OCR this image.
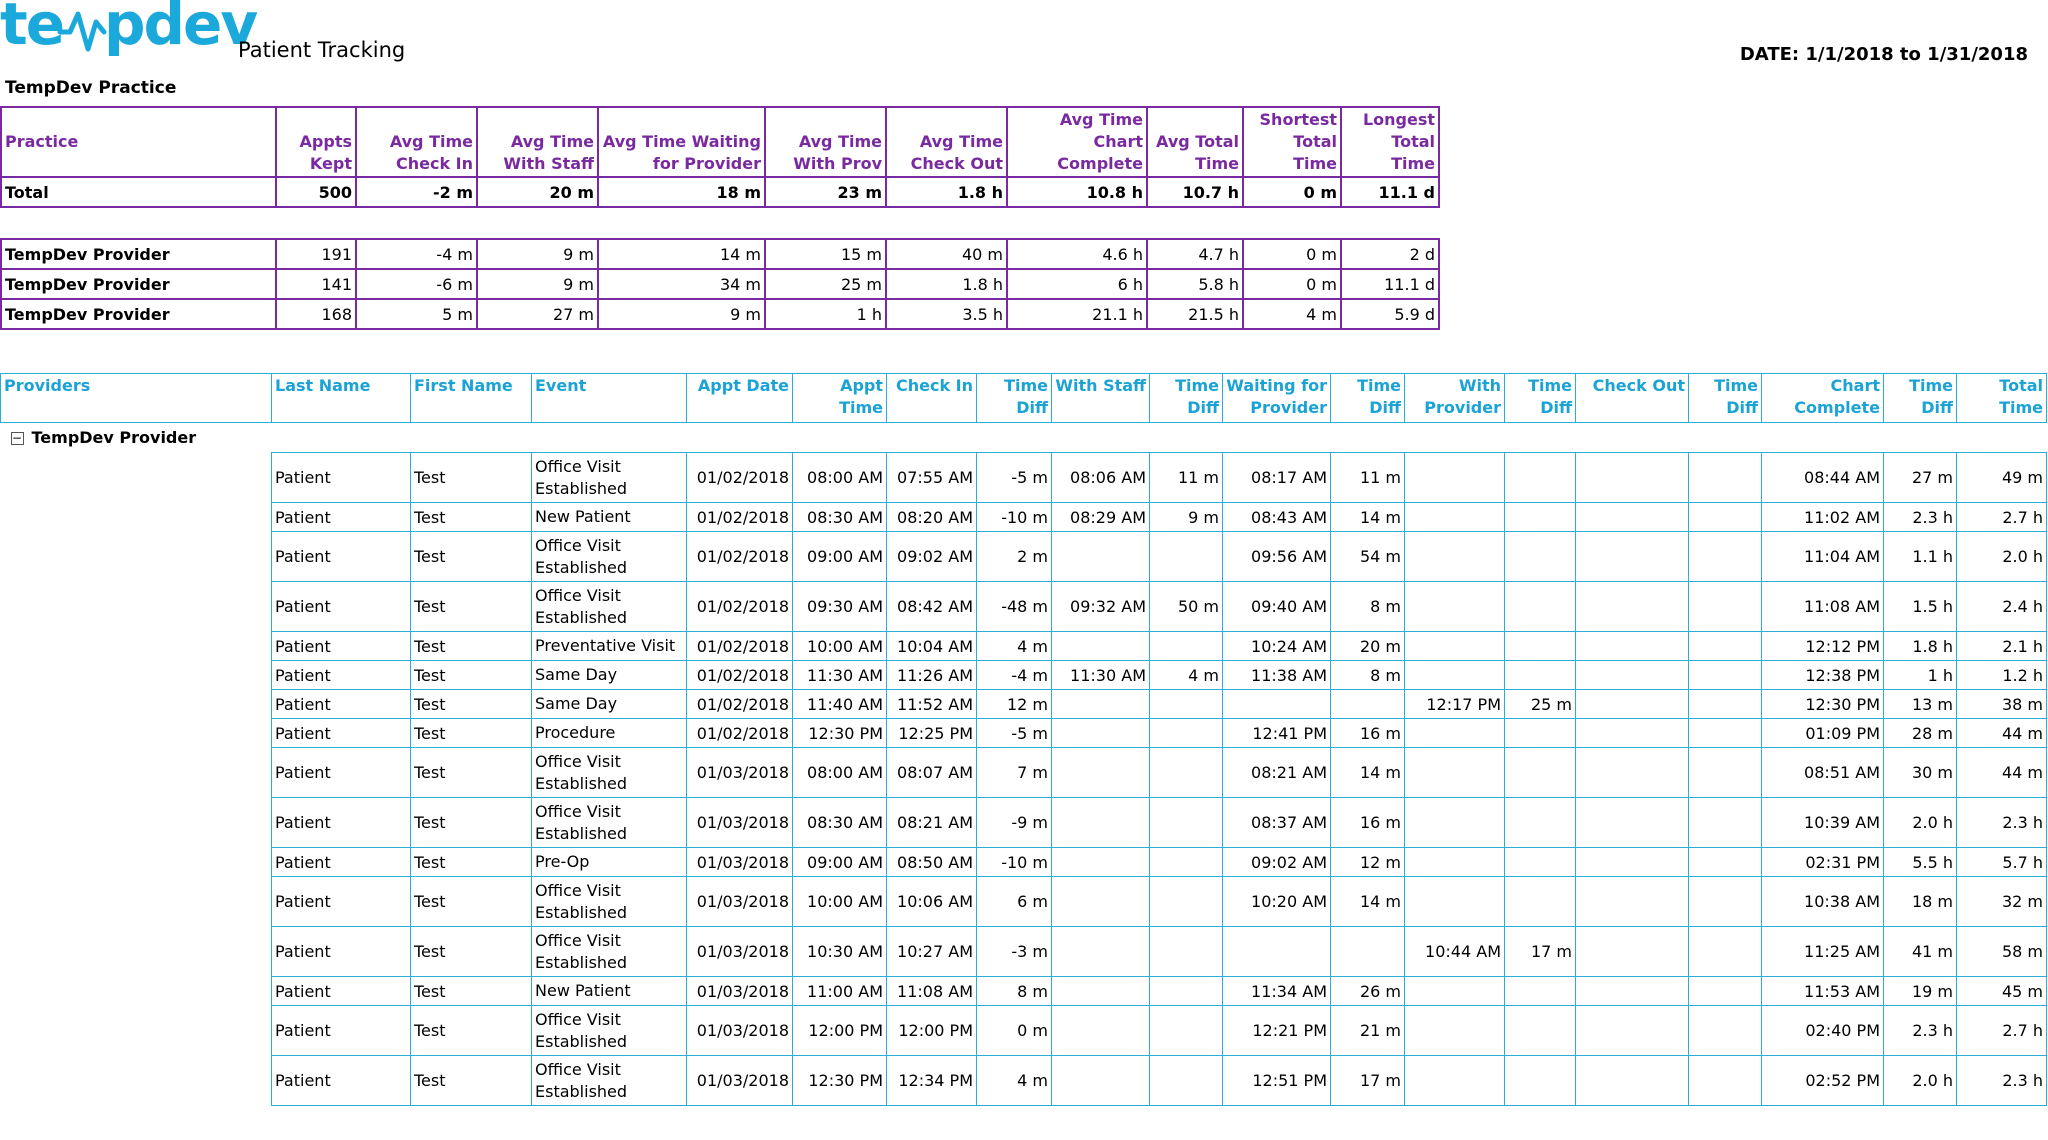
te pdev
Patient Tracking	DATE: 1/1/2018 to 1/31/2018
TempDev Practice
Practice	Appts Kept	Avg Time Check In	Avg Time With Staff	Avg Time Waiting for Provider	Avg Time With Prov	Avg Time Check Out	Avg Time Chart Complete	Avg Total Time	Shortest Total Time	Longest Total Time
Total	500	-2 m	20 m	18 m	23 m	1.8 h	10.8 h	10.7 h	0 m	11.1 d

TempDev Provider	191	-4 m	9 m	14 m	15 m	40 m	4.6 h	4.7 h	0 m	2 d
TempDev Provider	141	-6 m	9 m	34 m	25 m	1.8 h	6 h	5.8 h	0 m	11.1 d
TempDev Provider	168	5 m	27 m	9 m	1 h	3.5 h	21.1 h	21.5 h	4 m	5.9 d
Providers	Last Name	First Name	Event	Appt Date	Appt Time	Check In	Time Diff	With Staff	Time Diff	Waiting for Provider	Time Diff	With Provider	Time Diff	Check Out	Time Diff	Chart Complete	Time Diff	Total Time
− TempDev Provider																		
	Patient	Test	Office Visit Established	01/02/2018	08:00 AM	07:55 AM	-5 m	08:06 AM	11 m	08:17 AM	11 m					08:44 AM	27 m	49 m
	Patient	Test	New Patient	01/02/2018	08:30 AM	08:20 AM	-10 m	08:29 AM	9 m	08:43 AM	14 m					11:02 AM	2.3 h	2.7 h
	Patient	Test	Office Visit Established	01/02/2018	09:00 AM	09:02 AM	2 m			09:56 AM	54 m					11:04 AM	1.1 h	2.0 h
	Patient	Test	Office Visit Established	01/02/2018	09:30 AM	08:42 AM	-48 m	09:32 AM	50 m	09:40 AM	8 m					11:08 AM	1.5 h	2.4 h
	Patient	Test	Preventative Visit	01/02/2018	10:00 AM	10:04 AM	4 m			10:24 AM	20 m					12:12 PM	1.8 h	2.1 h
	Patient	Test	Same Day	01/02/2018	11:30 AM	11:26 AM	-4 m	11:30 AM	4 m	11:38 AM	8 m					12:38 PM	1 h	1.2 h
	Patient	Test	Same Day	01/02/2018	11:40 AM	11:52 AM	12 m					12:17 PM	25 m			12:30 PM	13 m	38 m
	Patient	Test	Procedure	01/02/2018	12:30 PM	12:25 PM	-5 m			12:41 PM	16 m					01:09 PM	28 m	44 m
	Patient	Test	Office Visit Established	01/03/2018	08:00 AM	08:07 AM	7 m			08:21 AM	14 m					08:51 AM	30 m	44 m
	Patient	Test	Office Visit Established	01/03/2018	08:30 AM	08:21 AM	-9 m			08:37 AM	16 m					10:39 AM	2.0 h	2.3 h
	Patient	Test	Pre-Op	01/03/2018	09:00 AM	08:50 AM	-10 m			09:02 AM	12 m					02:31 PM	5.5 h	5.7 h
	Patient	Test	Office Visit Established	01/03/2018	10:00 AM	10:06 AM	6 m			10:20 AM	14 m					10:38 AM	18 m	32 m
	Patient	Test	Office Visit Established	01/03/2018	10:30 AM	10:27 AM	-3 m					10:44 AM	17 m			11:25 AM	41 m	58 m
	Patient	Test	New Patient	01/03/2018	11:00 AM	11:08 AM	8 m			11:34 AM	26 m					11:53 AM	19 m	45 m
	Patient	Test	Office Visit Established	01/03/2018	12:00 PM	12:00 PM	0 m			12:21 PM	21 m					02:40 PM	2.3 h	2.7 h
	Patient	Test	Office Visit Established	01/03/2018	12:30 PM	12:34 PM	4 m			12:51 PM	17 m					02:52 PM	2.0 h	2.3 h
